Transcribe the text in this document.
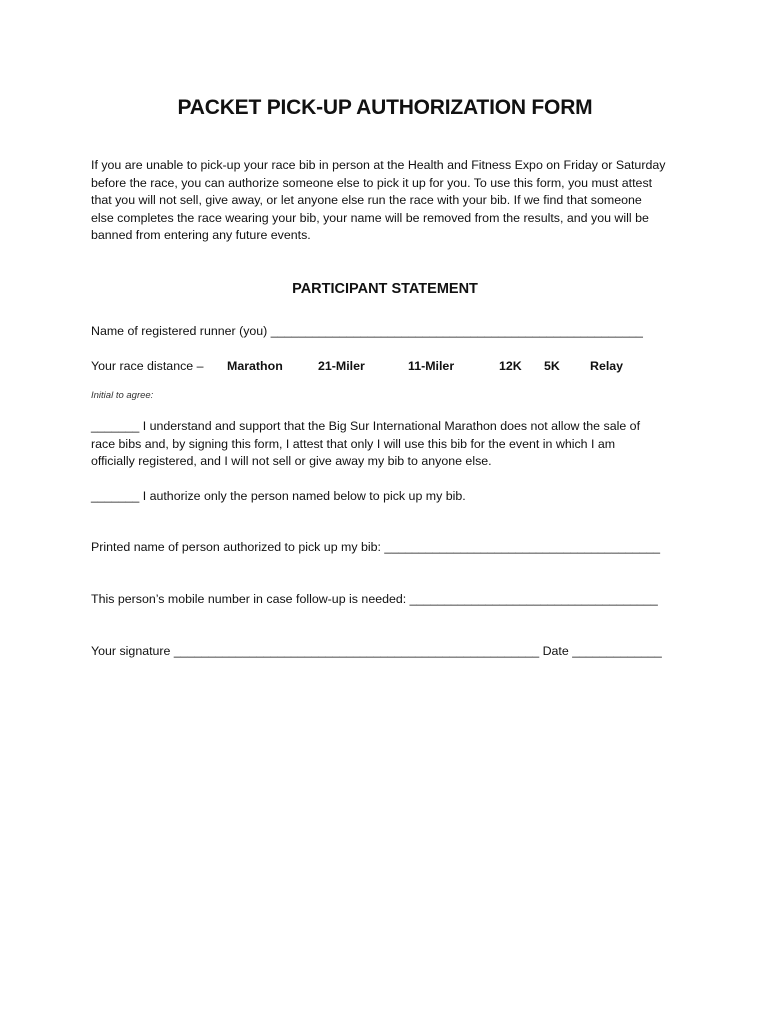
PACKET PICK-UP AUTHORIZATION FORM
If you are unable to pick-up your race bib in person at the Health and Fitness Expo on Friday or Saturday
before the race, you can authorize someone else to pick it up for you. To use this form, you must attest
that you will not sell, give away, or let anyone else run the race with your bib. If we find that someone
else completes the race wearing your bib, your name will be removed from the results, and you will be
banned from entering any future events.
PARTICIPANT STATEMENT
Name of registered runner (you) ______________________________________________________
Your race distance – Marathon	21-Miler	11-Miler	12K 5K Relay
Initial to agree:
_______ I understand and support that the Big Sur International Marathon does not allow the sale of
race bibs and, by signing this form, I attest that only I will use this bib for the event in which I am
officially registered, and I will not sell or give away my bib to anyone else.
_______ I authorize only the person named below to pick up my bib.
Printed name of person authorized to pick up my bib: ________________________________________
This person’s mobile number in case follow-up is needed: ____________________________________
Your signature _____________________________________________________ Date _____________
